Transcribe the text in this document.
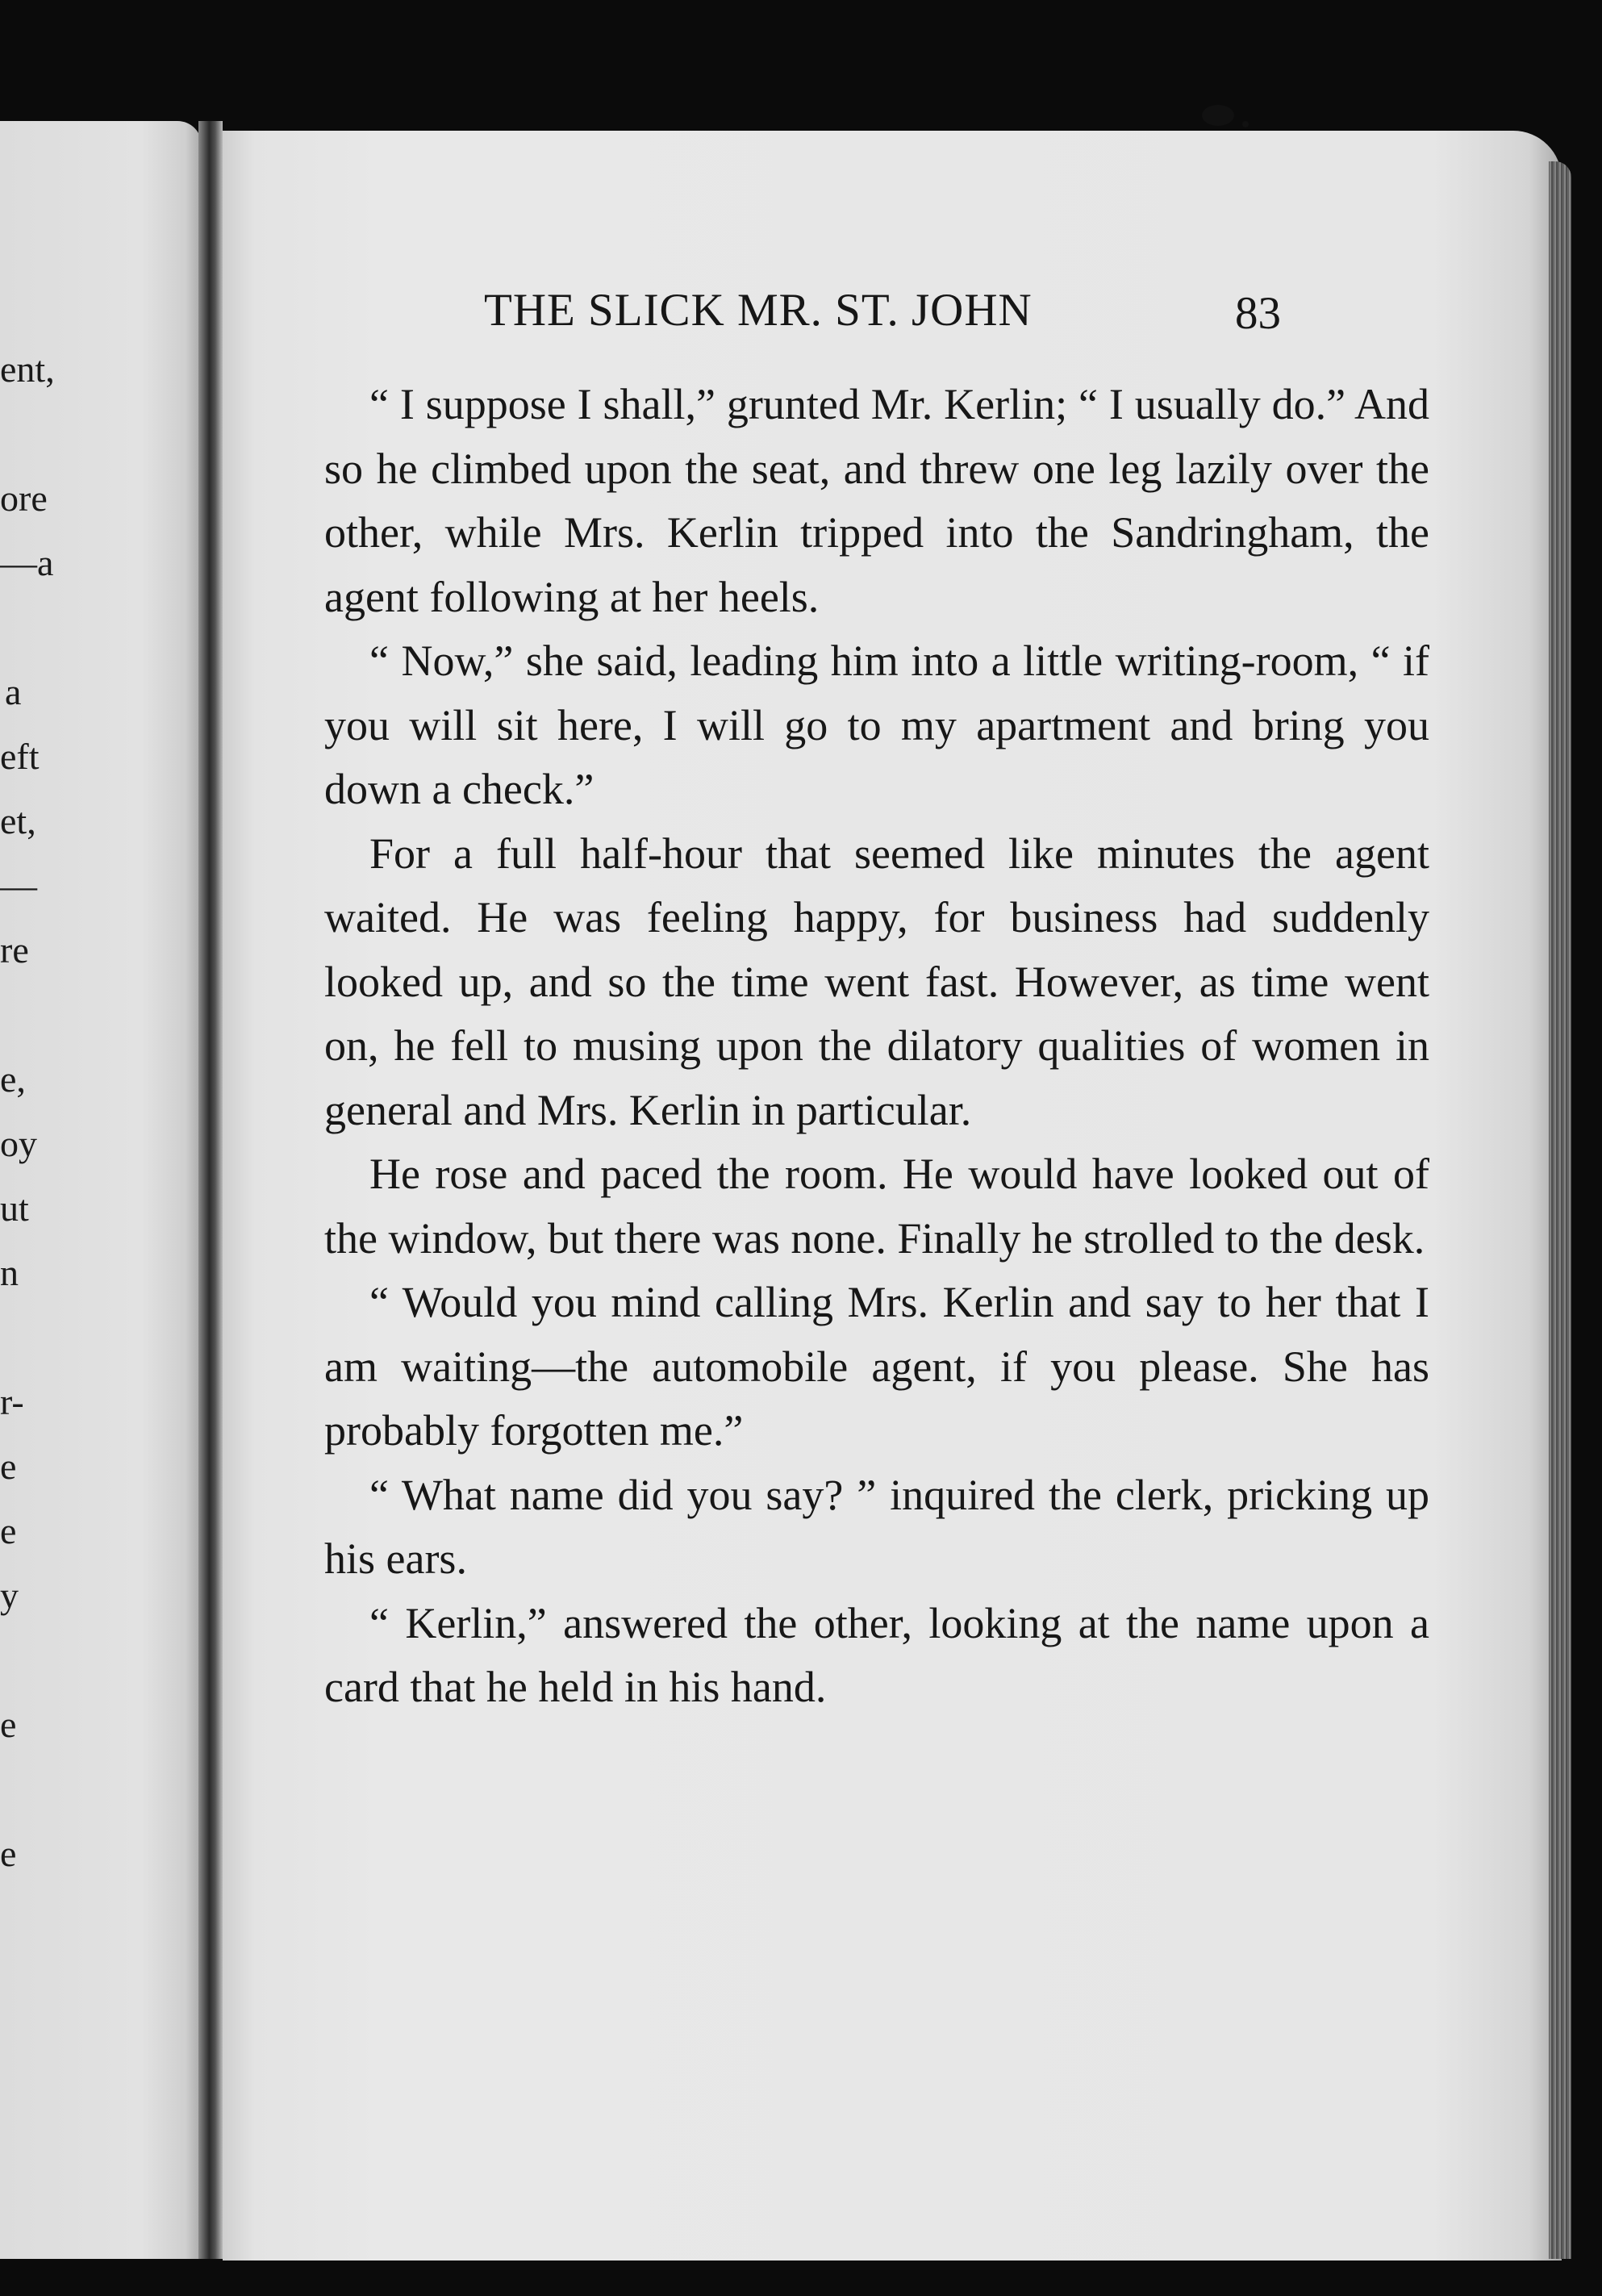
ent,
ore
—a
a
eft
et,
—
re
e,
oy
ut
n
r-
e
e
y
e
e
THE SLICK MR. ST. JOHN	83

“ I suppose I shall,” grunted Mr. Kerlin; “ I usually do.” And so he climbed upon the seat, and threw one leg lazily over the other, while Mrs. Kerlin tripped into the Sandringham, the agent following at her heels.

“ Now,” she said, leading him into a little writing-room, “ if you will sit here, I will go to my apartment and bring you down a check.”

For a full half-hour that seemed like minutes the agent waited. He was feeling happy, for business had suddenly looked up, and so the time went fast. However, as time went on, he fell to musing upon the dilatory qualities of women in general and Mrs. Kerlin in particular.

He rose and paced the room. He would have looked out of the window, but there was none. Finally he strolled to the desk.

“ Would you mind calling Mrs. Kerlin and say to her that I am waiting—the automobile agent, if you please. She has probably forgotten me.”

“ What name did you say? ” inquired the clerk, pricking up his ears.

“ Kerlin,” answered the other, looking at the name upon a card that he held in his hand.
